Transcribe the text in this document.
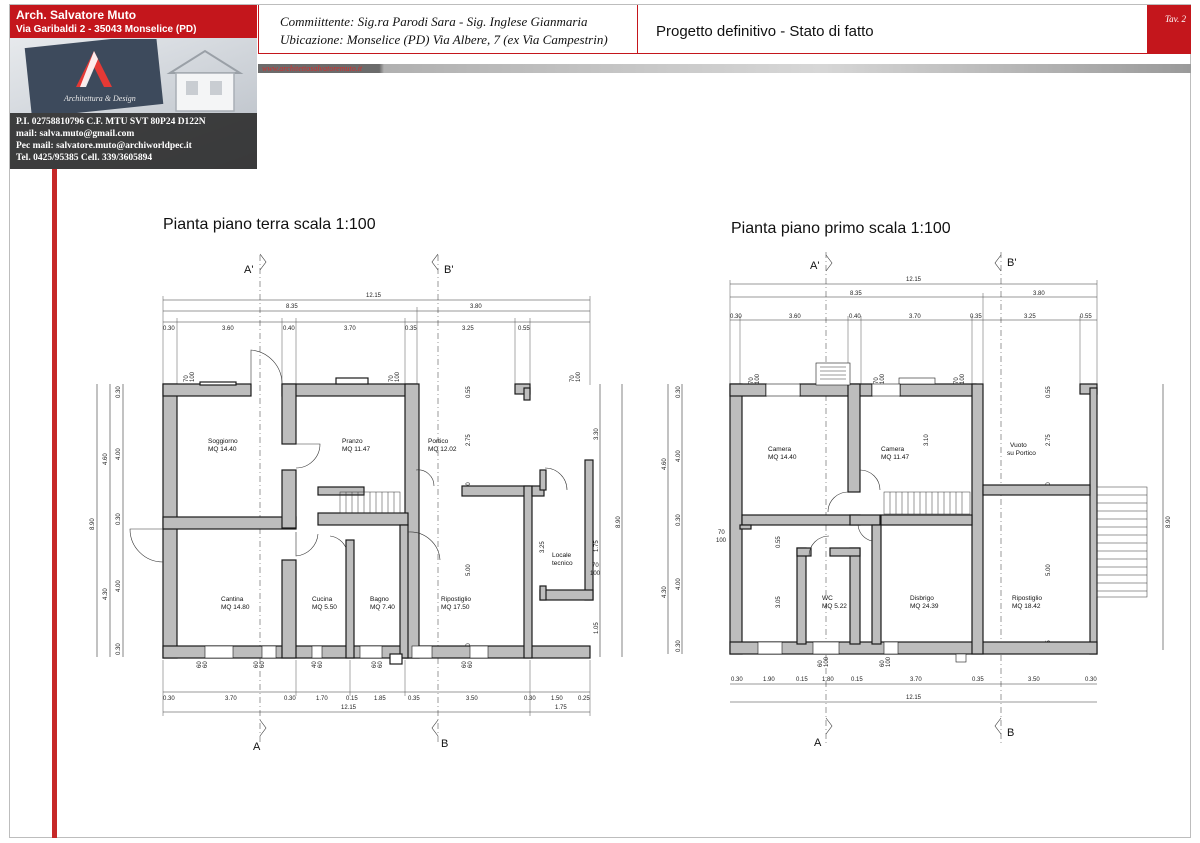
Arch. Salvatore Muto
Via Garibaldi 2 - 35043 Monselice (PD)
Architettura & Design
P.I. 02758810796 C.F. MTU SVT 80P24 D122N
mail: salva.muto@gmail.com
Pec mail: salvatore.muto@archiworldpec.it
Tel. 0425/95385 Cell. 339/3605894
Commiittente: Sig.ra Parodi Sara - Sig. Inglese Gianmaria
Ubicazione: Monselice (PD) Via Albere, 7 (ex Via Campestrin)	Progetto definitivo - Stato di fatto
Tav. 2
www.architettosalvatoremuto.it
Pianta piano terra scala 1:100	Pianta piano primo scala 1:100
A'	B'
A	B
12.15
8.35	3.80
0.30	3.60	0.40	3.70	0.35	3.25	0.55
8.90
4.60
4.30
0.30
4.00
0.30
4.00
0.30
8.90
3.30
1.75
3.25
1.05
0.55
2.75
5.00
0.30	3.70	0.30	1.70	0.15	1.85	0.35	3.50	0.30	1.50	0.25
12.15	1.75
70 100	70 100	70 100
60 60	60 60	40 60	60 60	60 60
Soggiorno
MQ 14.40
Pranzo
MQ 11.47
Portico
MQ 12.02
Cantina
MQ 14.80
Cucina
MQ 5.50
Bagno
MQ 7.40
Ripostiglio
MQ 17.50
Locale
tecnico	70
100
A'	B'
A
B
12.15
8.35	3.80
0.30	3.60	0.40	3.70	0.35	3.25	0.55
4.60
4.30
0.30
4.00
0.30
4.00
0.30
8.90
3.10
0.55
0.55
3.05
2.75
5.00
0.30	1.90	0.15 1.80	0.15	3.70	0.35	3.50	0.30
12.15
70 100	70 100	70 100
70
100
60 100	60 100
Camera
MQ 14.40
Camera
MQ 11.47
Vuoto
su Portico
WC
MQ 5.22
Disbrigo
MQ 24.39
Ripostiglio
MQ 18.42
